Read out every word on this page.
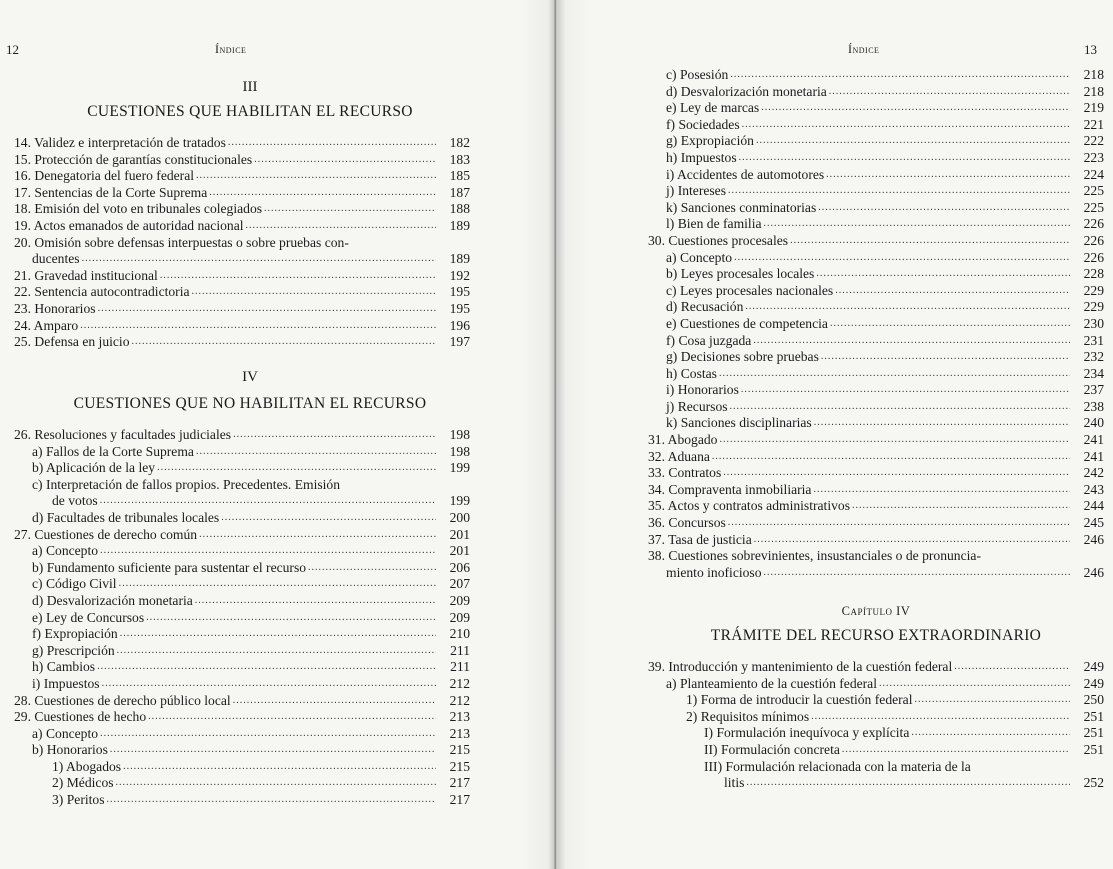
12	Índice
III
CUESTIONES QUE HABILITAN EL RECURSO
14. Validez e interpretación de tratados .....	182
15. Protección de garantías constitucionales .....	183
16. Denegatoria del fuero federal .....	185
17. Sentencias de la Corte Suprema .....	187
18. Emisión del voto en tribunales colegiados .....	188
19. Actos emanados de autoridad nacional .....	189
20. Omisión sobre defensas interpuestas o sobre pruebas con-
ducentes .....	189
21. Gravedad institucional .....	192
22. Sentencia autocontradictoria .....	195
23. Honorarios .....	195
24. Amparo .....	196
25. Defensa en juicio .....	197
IV
CUESTIONES QUE NO HABILITAN EL RECURSO
26. Resoluciones y facultades judiciales .....	198
a) Fallos de la Corte Suprema .....	198
b) Aplicación de la ley .....	199
c) Interpretación de fallos propios. Precedentes. Emisión
de votos .....	199
d) Facultades de tribunales locales .....	200
27. Cuestiones de derecho común .....	201
a) Concepto .....	201
b) Fundamento suficiente para sustentar el recurso .....	206
c) Código Civil .....	207
d) Desvalorización monetaria .....	209
e) Ley de Concursos .....	209
f) Expropiación .....	210
g) Prescripción .....	211
h) Cambios .....	211
i) Impuestos .....	212
28. Cuestiones de derecho público local .....	212
29. Cuestiones de hecho .....	213
a) Concepto .....	213
b) Honorarios .....	215
1) Abogados .....	215
2) Médicos .....	217
3) Peritos .....	217
Índice	13
c) Posesión .....	218
d) Desvalorización monetaria .....	218
e) Ley de marcas .....	219
f) Sociedades .....	221
g) Expropiación .....	222
h) Impuestos .....	223
i) Accidentes de automotores .....	224
j) Intereses .....	225
k) Sanciones conminatorias .....	225
l) Bien de familia .....	226
30. Cuestiones procesales .....	226
a) Concepto .....	226
b) Leyes procesales locales .....	228
c) Leyes procesales nacionales .....	229
d) Recusación .....	229
e) Cuestiones de competencia .....	230
f) Cosa juzgada .....	231
g) Decisiones sobre pruebas .....	232
h) Costas .....	234
i) Honorarios .....	237
j) Recursos .....	238
k) Sanciones disciplinarias .....	240
31. Abogado .....	241
32. Aduana .....	241
33. Contratos .....	242
34. Compraventa inmobiliaria .....	243
35. Actos y contratos administrativos .....	244
36. Concursos .....	245
37. Tasa de justicia .....	246
38. Cuestiones sobrevinientes, insustanciales o de pronuncia-
miento inoficioso .....	246
Capítulo IV
TRÁMITE DEL RECURSO EXTRAORDINARIO
39. Introducción y mantenimiento de la cuestión federal .....	249
a) Planteamiento de la cuestión federal .....	249
1) Forma de introducir la cuestión federal .....	250
2) Requisitos mínimos .....	251
I) Formulación inequívoca y explícita .....	251
II) Formulación concreta .....	251
III) Formulación relacionada con la materia de la
litis .....	252
